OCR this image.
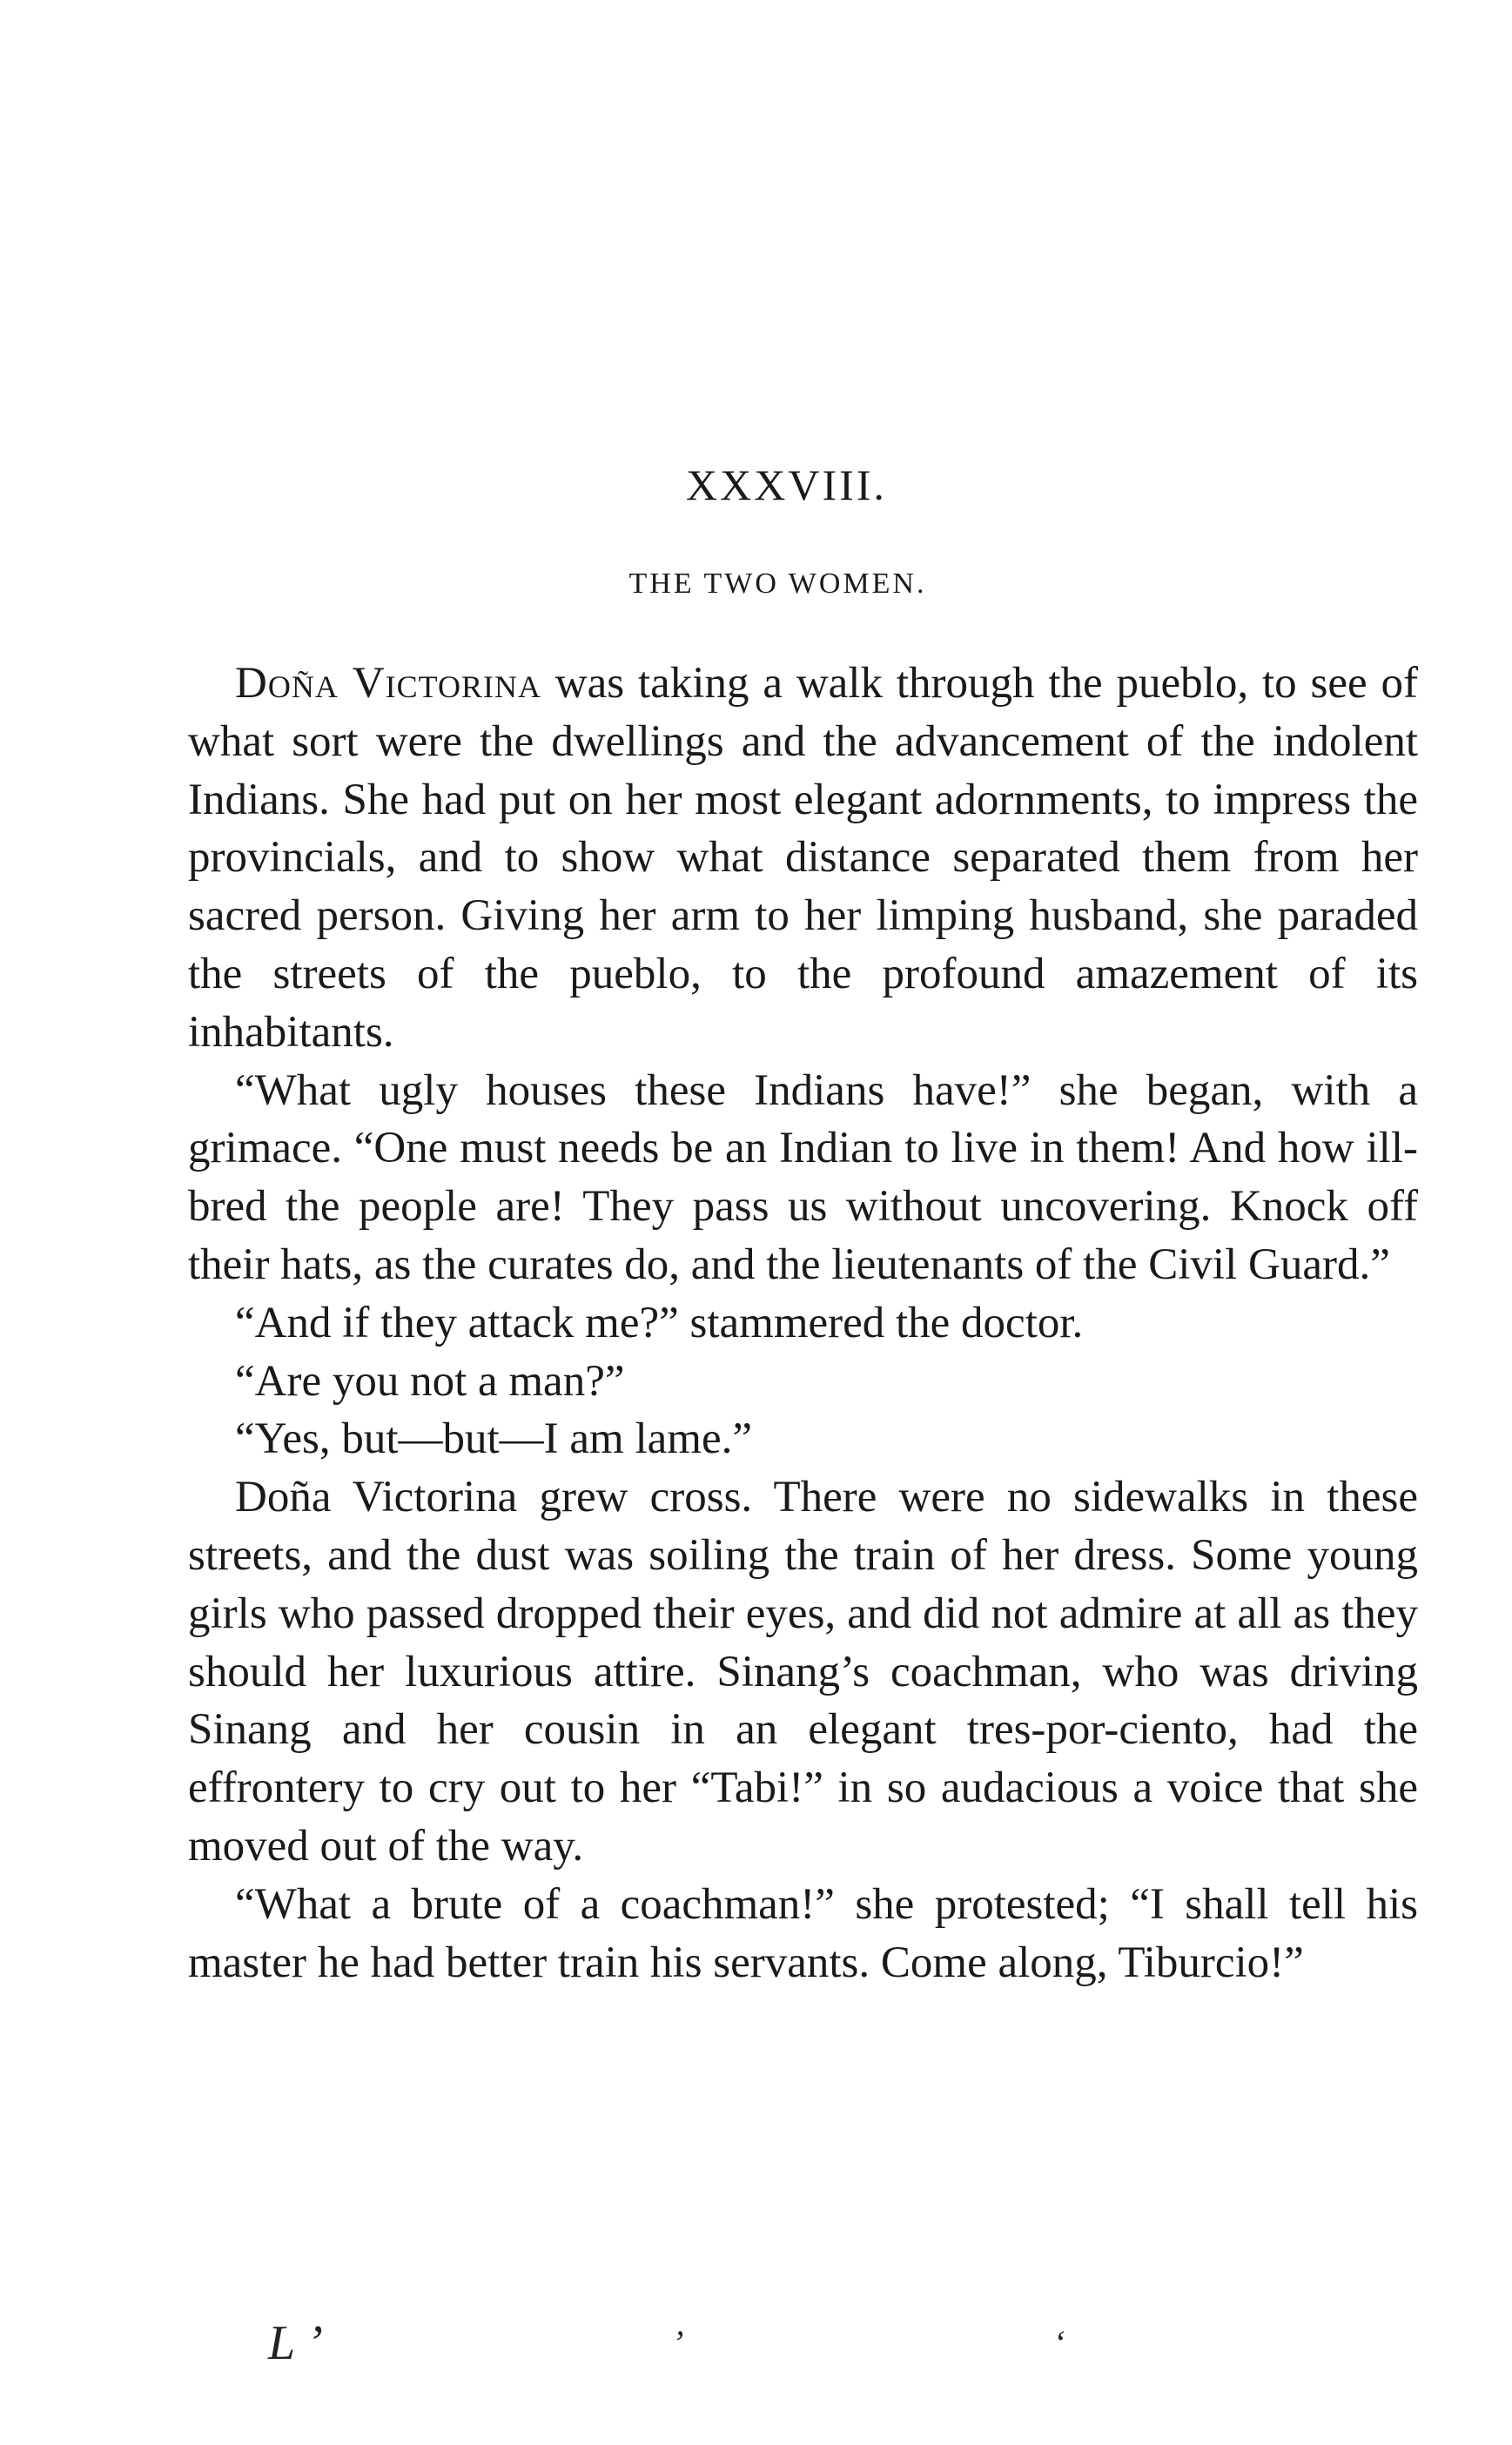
XXXVIII.
THE TWO WOMEN.

Doña Victorina was taking a walk through the pueblo, to see of what sort were the dwellings and the advancement of the indolent Indians. She had put on her most elegant adornments, to impress the provincials, and to show what distance separated them from her sacred person. Giving her arm to her limping husband, she paraded the streets of the pueblo, to the profound amazement of its inhabitants.

“What ugly houses these Indians have!” she began, with a grimace. “One must needs be an Indian to live in them! And how ill-bred the people are! They pass us without uncovering. Knock off their hats, as the curates do, and the lieutenants of the Civil Guard.”

“And if they attack me?” stammered the doctor.

“Are you not a man?”

“Yes, but—but—I am lame.”

Doña Victorina grew cross. There were no sidewalks in these streets, and the dust was soiling the train of her dress. Some young girls who passed dropped their eyes, and did not admire at all as they should her luxurious attire. Sinang’s coachman, who was driving Sinang and her cousin in an elegant tres-por-ciento, had the effrontery to cry out to her “Tabi!” in so audacious a voice that she moved out of the way.

“What a brute of a coachman!” she protested; “I shall tell his master he had better train his servants. Come along, Tiburcio!”

L ’	’	‘
